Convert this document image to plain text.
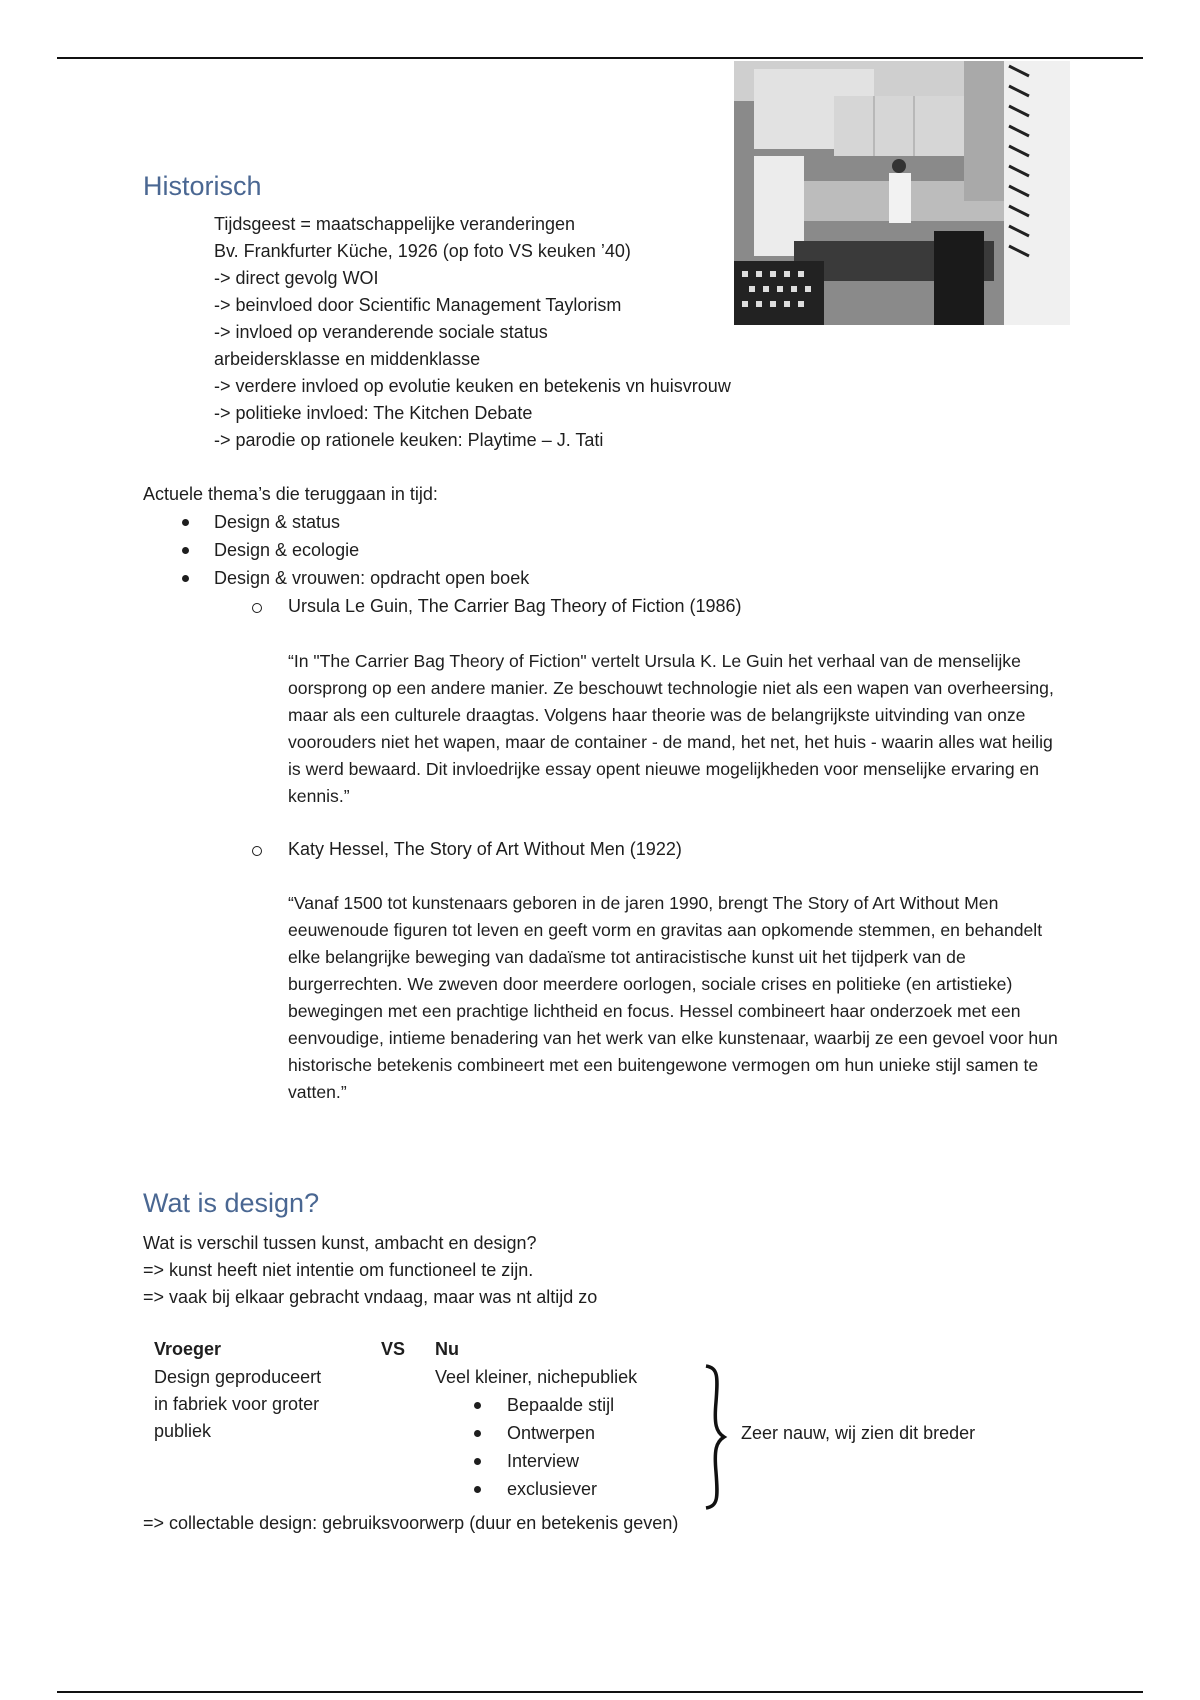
Historisch
Tijdsgeest = maatschappelijke veranderingen
Bv. Frankfurter Küche, 1926 (op foto VS keuken ’40)
-> direct gevolg WOI
-> beinvloed door Scientific Management Taylorism
-> invloed op veranderende sociale status
arbeidersklasse en middenklasse
-> verdere invloed op evolutie keuken en betekenis vn huisvrouw
-> politieke invloed: The Kitchen Debate
-> parodie op rationele keuken: Playtime – J. Tati
Actuele thema’s die teruggaan in tijd:
Design & status
Design & ecologie
Design & vrouwen: opdracht open boek
Ursula Le Guin, The Carrier Bag Theory of Fiction (1986)

“In "The Carrier Bag Theory of Fiction" vertelt Ursula K. Le Guin het verhaal van de menselijke oorsprong op een andere manier. Ze beschouwt technologie niet als een wapen van overheersing, maar als een culturele draagtas. Volgens haar theorie was de belangrijkste uitvinding van onze voorouders niet het wapen, maar de container - de mand, het net, het huis - waarin alles wat heilig is werd bewaard. Dit invloedrijke essay opent nieuwe mogelijkheden voor menselijke ervaring en kennis.”

Katy Hessel, The Story of Art Without Men (1922)

“Vanaf 1500 tot kunstenaars geboren in de jaren 1990, brengt The Story of Art Without Men eeuwenoude figuren tot leven en geeft vorm en gravitas aan opkomende stemmen, en behandelt elke belangrijke beweging van dadaïsme tot antiracistische kunst uit het tijdperk van de burgerrechten. We zweven door meerdere oorlogen, sociale crises en politieke (en artistieke) bewegingen met een prachtige lichtheid en focus. Hessel combineert haar onderzoek met een eenvoudige, intieme benadering van het werk van elke kunstenaar, waarbij ze een gevoel voor hun historische betekenis combineert met een buitengewone vermogen om hun unieke stijl samen te vatten.”

Wat is design?
Wat is verschil tussen kunst, ambacht en design?
=> kunst heeft niet intentie om functioneel te zijn.
=> vaak bij elkaar gebracht vndaag, maar was nt altijd zo
Vroeger	VS Nu
Design geproduceert
in fabriek voor groter
publiek
Veel kleiner, nichepubliek
Bepaalde stijl
Ontwerpen
Interview
exclusiever
Zeer nauw, wij zien dit breder
=> collectable design: gebruiksvoorwerp (duur en betekenis geven)
